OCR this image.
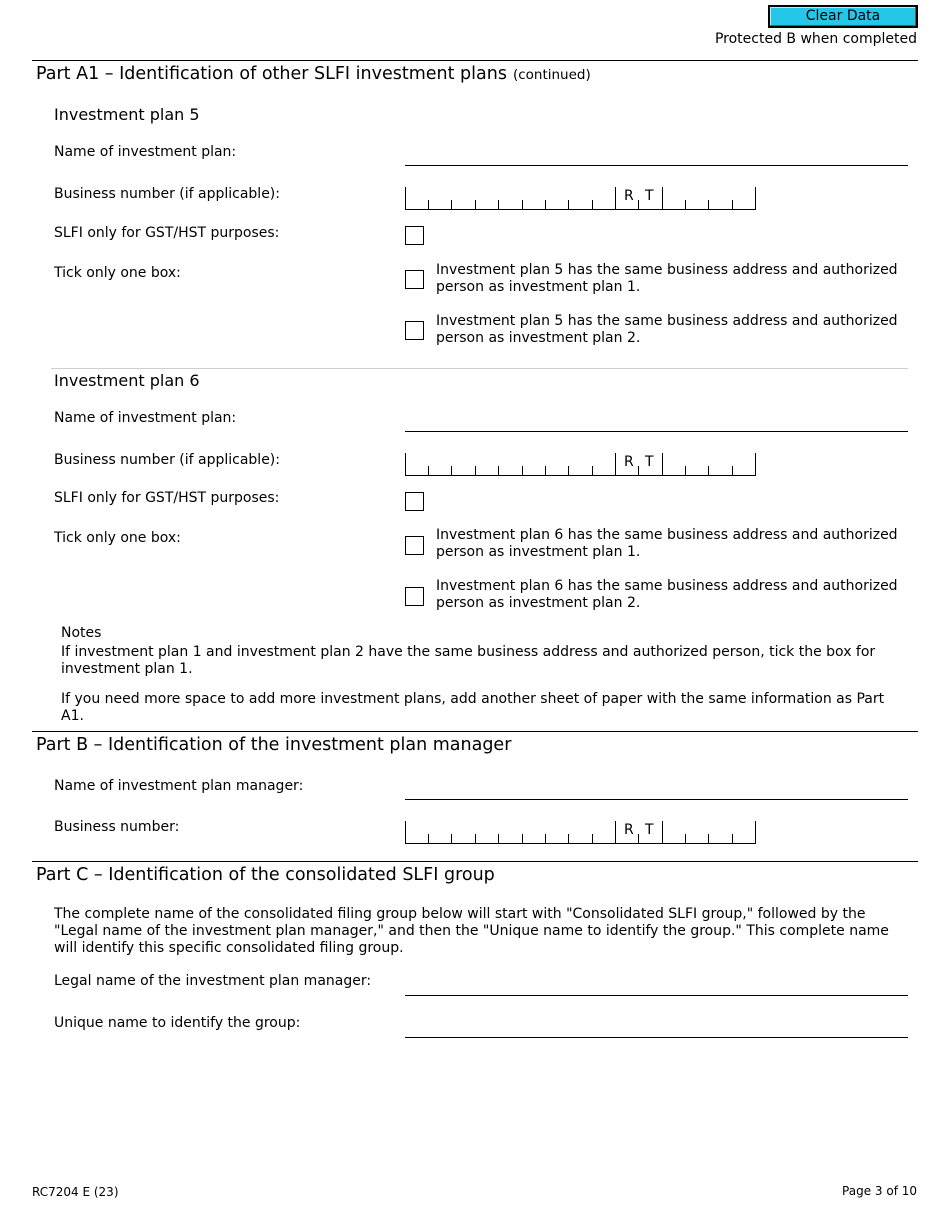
Clear Data
Protected B when completed
Part A1 – Identification of other SLFI investment plans (continued)
Investment plan 5
Name of investment plan:
Business number (if applicable):	R T
SLFI only for GST/HST purposes:
Tick only one box:	Investment plan 5 has the same business address and authorized person as investment plan 1.
Investment plan 5 has the same business address and authorized person as investment plan 2.
Investment plan 6
Name of investment plan:
Business number (if applicable):	R T
SLFI only for GST/HST purposes:
Tick only one box:	Investment plan 6 has the same business address and authorized person as investment plan 1.
Investment plan 6 has the same business address and authorized person as investment plan 2.
Notes
If investment plan 1 and investment plan 2 have the same business address and authorized person, tick the box for investment plan 1.
If you need more space to add more investment plans, add another sheet of paper with the same information as Part A1.
Part B – Identification of the investment plan manager
Name of investment plan manager:
Business number:	R T
Part C – Identification of the consolidated SLFI group
The complete name of the consolidated filing group below will start with "Consolidated SLFI group," followed by the "Legal name of the investment plan manager," and then the "Unique name to identify the group." This complete name will identify this specific consolidated filing group.
Legal name of the investment plan manager:
Unique name to identify the group:
RC7204 E (23)	Page 3 of 10
